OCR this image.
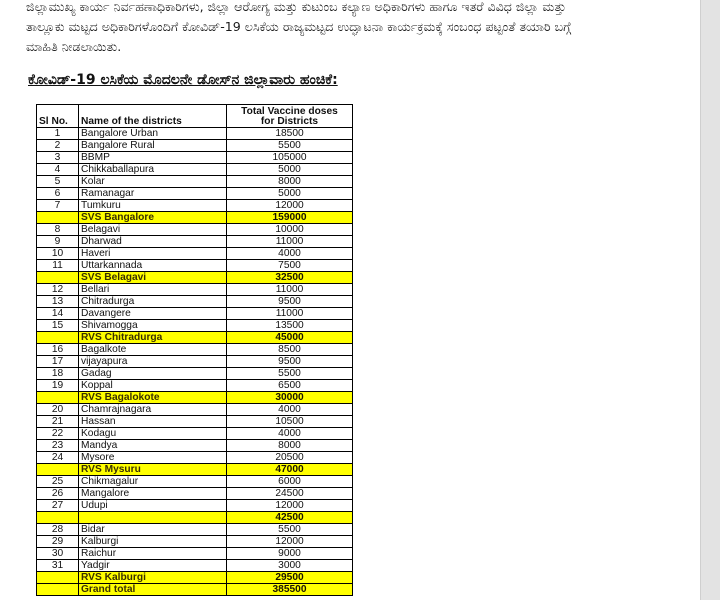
ಜಿಲ್ಲಾಮುಖ್ಯ ಕಾರ್ಯ ನಿರ್ವಹಣಾಧಿಕಾರಿಗಳು, ಜಿಲ್ಲಾ ಆರೋಗ್ಯ ಮತ್ತು ಕುಟುಂಬ ಕಲ್ಯಾಣ ಅಧಿಕಾರಿಗಳು ಹಾಗೂ ಇತರೆ ವಿವಿಧ ಜಿಲ್ಲಾ ಮತ್ತು
ತಾಲ್ಲೂಕು ಮಟ್ಟದ ಅಧಿಕಾರಿಗಳೊಂದಿಗೆ ಕೋವಿಡ್-19 ಲಸಿಕೆಯ ರಾಜ್ಯಮಟ್ಟದ ಉದ್ಘಾಟನಾ ಕಾರ್ಯಕ್ರಮಕ್ಕೆ ಸಂಬಂಧ ಪಟ್ಟಂತೆ ತಯಾರಿ ಬಗ್ಗೆ
ಮಾಹಿತಿ ನೀಡಲಾಯಿತು.
ಕೋವಿಡ್-19 ಲಸಿಕೆಯ ಮೊದಲನೇ ಡೋಸ್‌ನ ಜಿಲ್ಲಾವಾರು ಹಂಚಿಕೆ:
Sl No.	Name of the districts	Total Vaccine doses
for Districts

1	Bangalore Urban	18500
2	Bangalore Rural	5500
3	BBMP	105000
4	Chikkaballapura	5000
5	Kolar	8000
6	Ramanagar	5000
7	Tumkuru	12000
	SVS Bangalore	159000
8	Belagavi	10000
9	Dharwad	11000
10	Haveri	4000
11	Uttarkannada	7500
	SVS Belagavi	32500
12	Bellari	11000
13	Chitradurga	9500
14	Davangere	11000
15	Shivamogga	13500
	RVS Chitradurga	45000
16	Bagalkote	8500
17	vijayapura	9500
18	Gadag	5500
19	Koppal	6500
	RVS Bagalokote	30000
20	Chamrajnagara	4000
21	Hassan	10500
22	Kodagu	4000
23	Mandya	8000
24	Mysore	20500
	RVS Mysuru	47000
25	Chikmagalur	6000
26	Mangalore	24500
27	Udupi	12000
		42500
28	Bidar	5500
29	Kalburgi	12000
30	Raichur	9000
31	Yadgir	3000
	RVS Kalburgi	29500
	Grand total	385500
